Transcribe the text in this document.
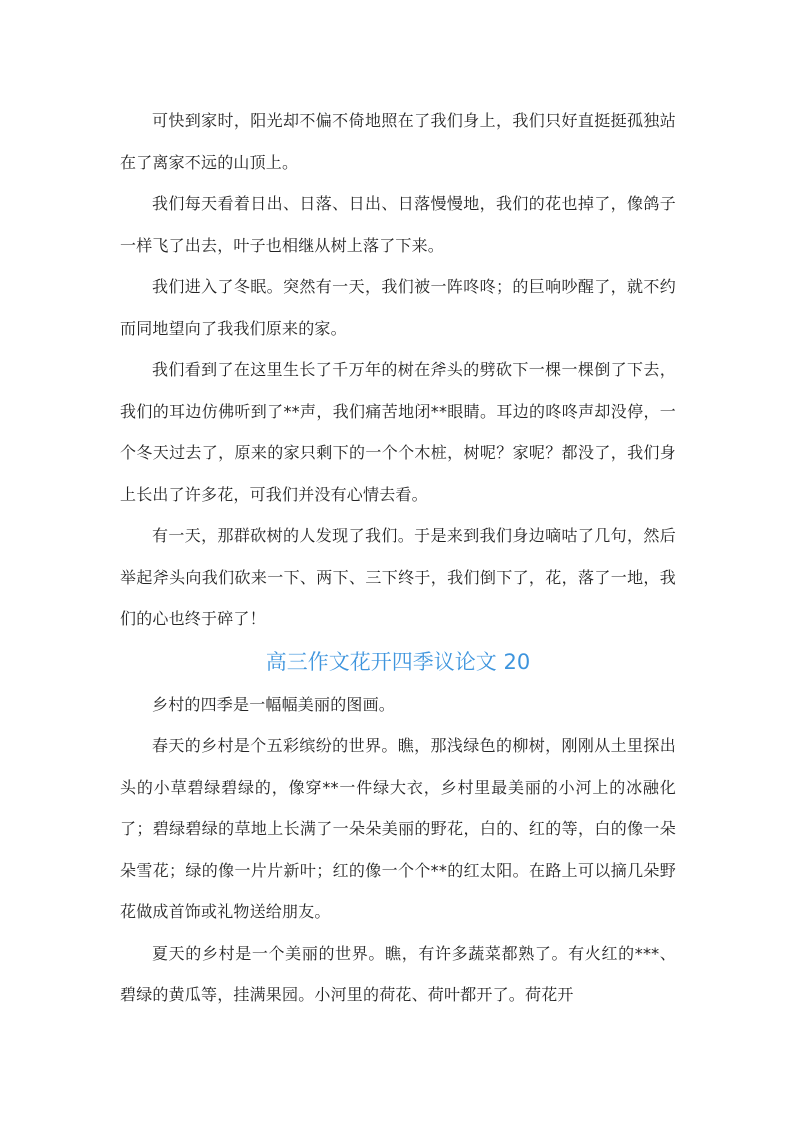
可快到家时，阳光却不偏不倚地照在了我们身上，我们只好直挺挺孤独站在了离家不远的山顶上。

我们每天看着日出、日落、日出、日落慢慢地，我们的花也掉了，像鸽子一样飞了出去，叶子也相继从树上落了下来。

我们进入了冬眠。突然有一天，我们被一阵咚咚；的巨响吵醒了，就不约而同地望向了我我们原来的家。

我们看到了在这里生长了千万年的树在斧头的劈砍下一棵一棵倒了下去，我们的耳边仿佛听到了**声，我们痛苦地闭**眼睛。耳边的咚咚声却没停，一个冬天过去了，原来的家只剩下的一个个木桩，树呢？家呢？都没了，我们身上长出了许多花，可我们并没有心情去看。

有一天，那群砍树的人发现了我们。于是来到我们身边嘀咕了几句，然后举起斧头向我们砍来一下、两下、三下终于，我们倒下了，花，落了一地，我们的心也终于碎了！

高三作文花开四季议论文 20

乡村的四季是一幅幅美丽的图画。

春天的乡村是个五彩缤纷的世界。瞧，那浅绿色的柳树，刚刚从土里探出头的小草碧绿碧绿的，像穿**一件绿大衣，乡村里最美丽的小河上的冰融化了；碧绿碧绿的草地上长满了一朵朵美丽的野花，白的、红的等，白的像一朵朵雪花；绿的像一片片新叶；红的像一个个**的红太阳。在路上可以摘几朵野花做成首饰或礼物送给朋友。

夏天的乡村是一个美丽的世界。瞧，有许多蔬菜都熟了。有火红的***、碧绿的黄瓜等，挂满果园。小河里的荷花、荷叶都开了。荷花开
